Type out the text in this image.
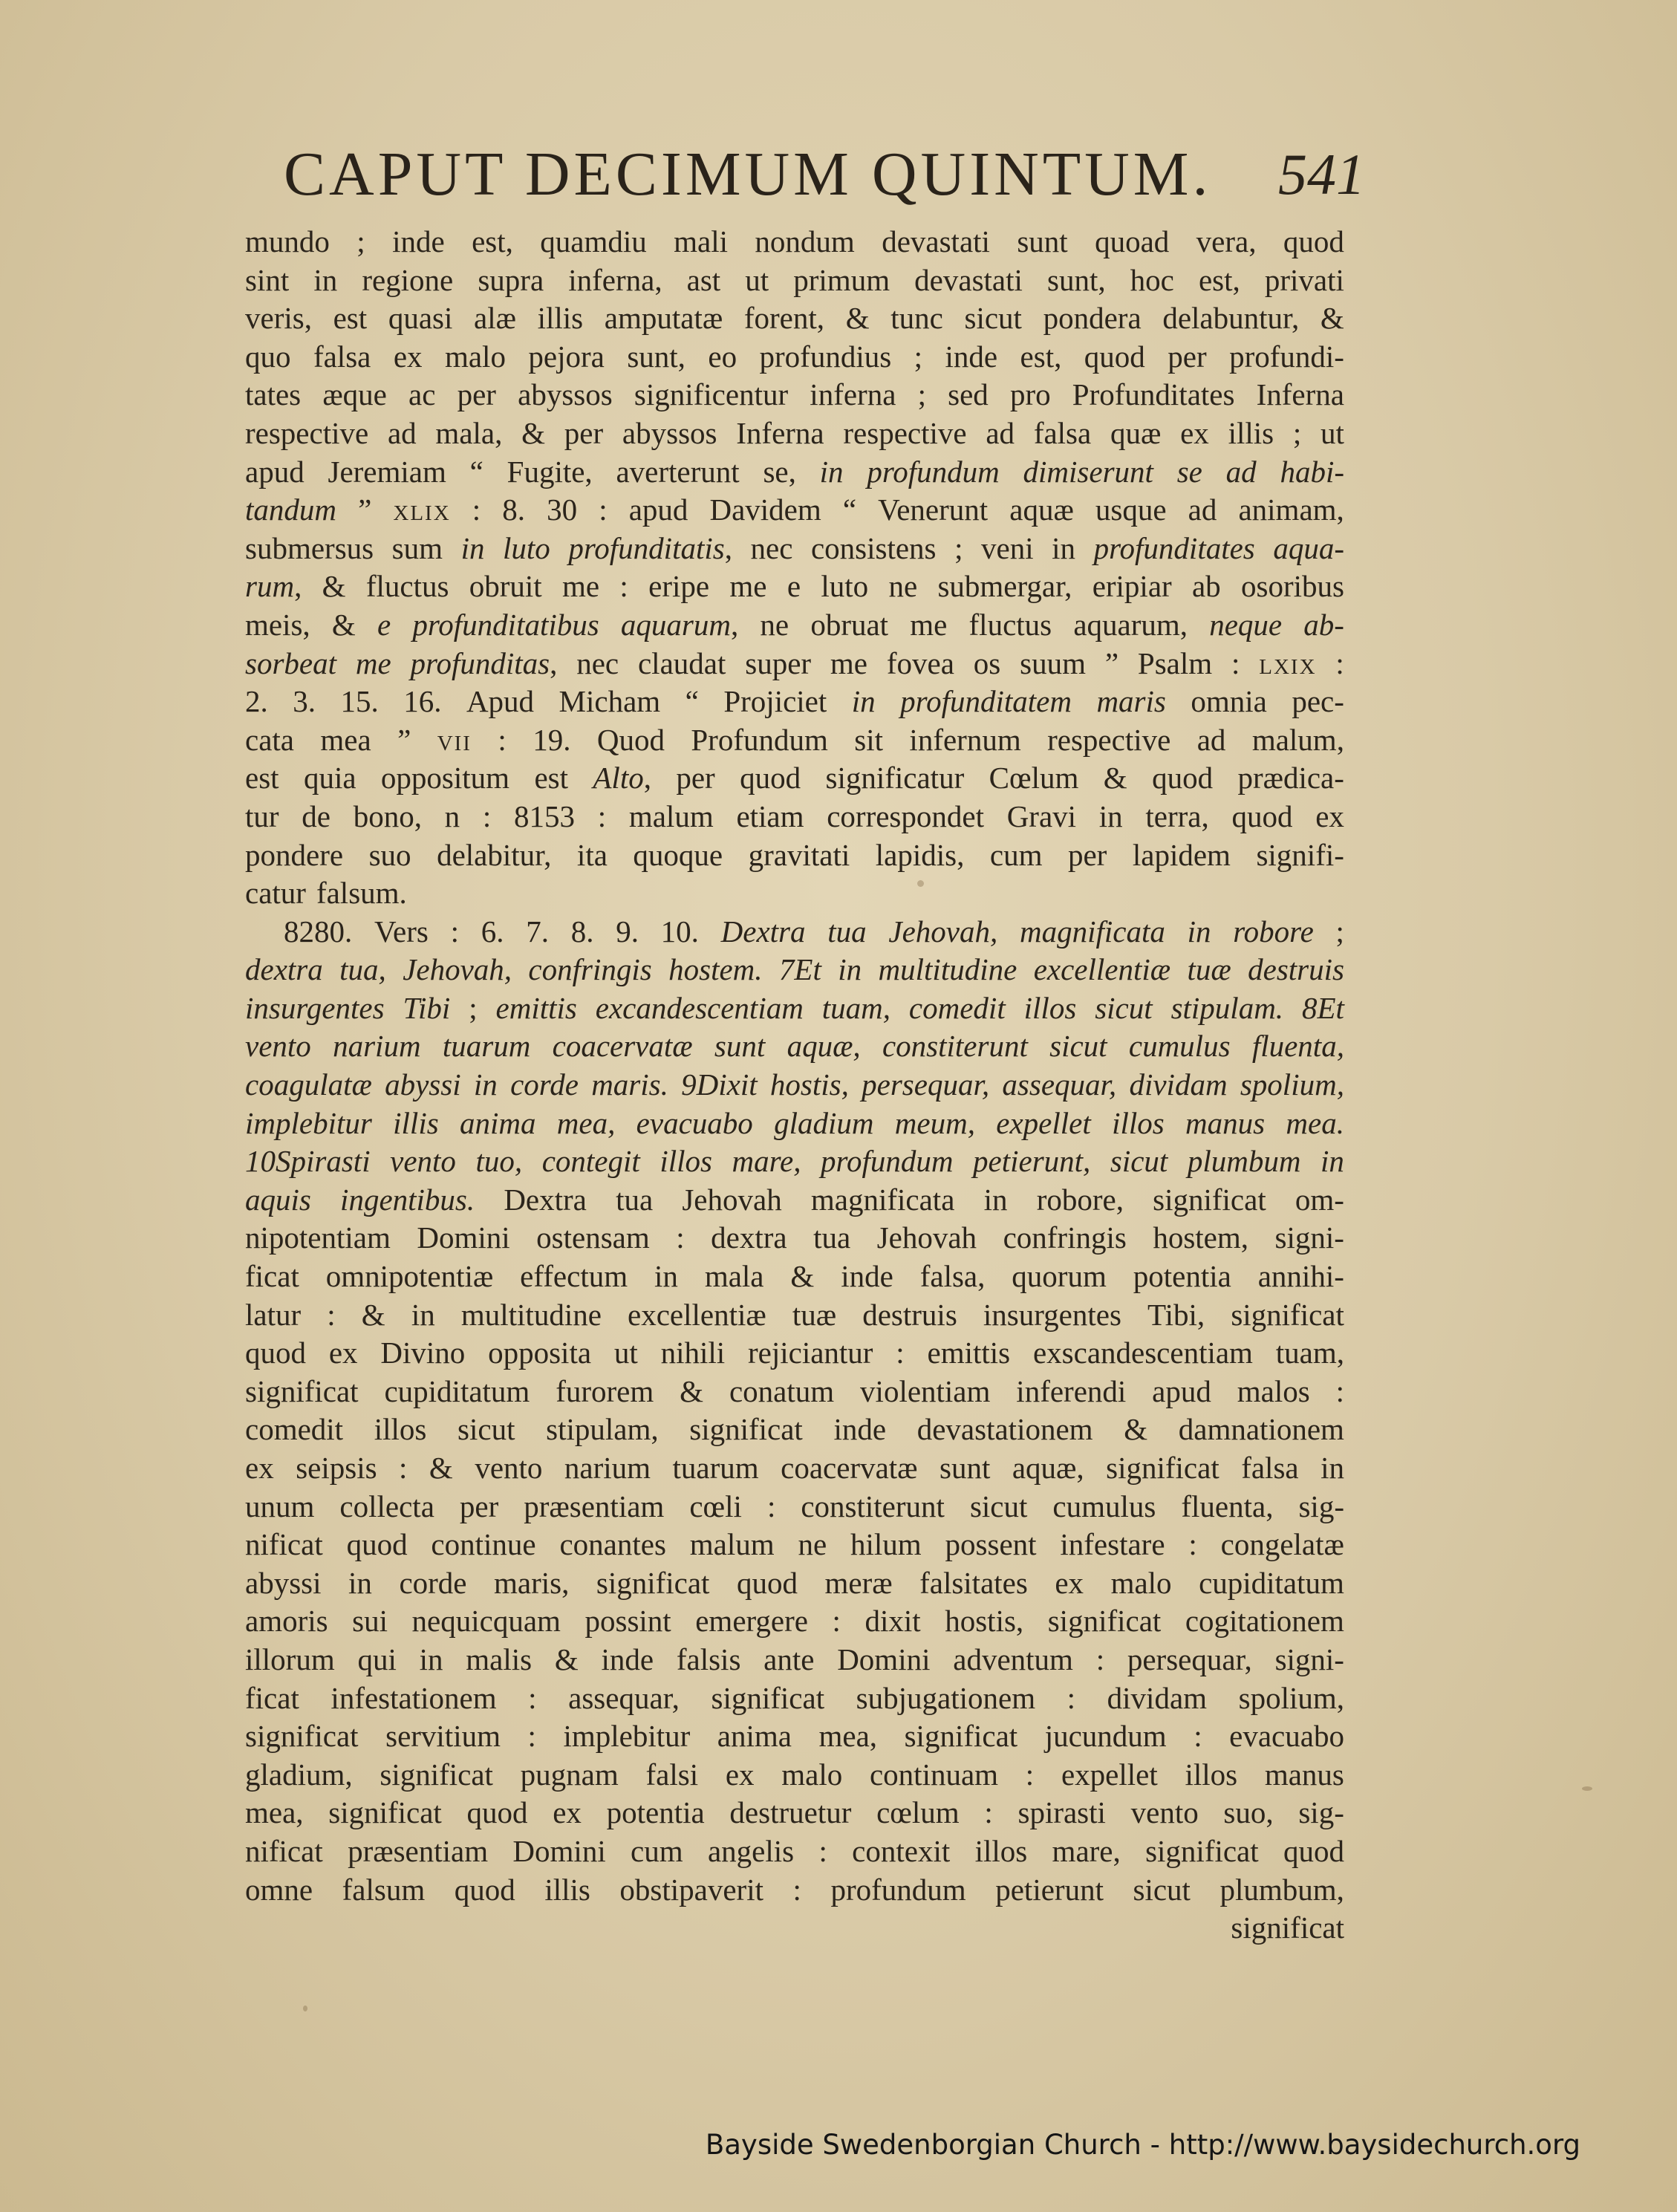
CAPUT DECIMUM QUINTUM. 541
mundo ; inde est, quamdiu mali nondum devastati sunt quoad vera, quod
sint in regione supra inferna, ast ut primum devastati sunt, hoc est, privati
veris, est quasi alæ illis amputatæ forent, & tunc sicut pondera delabuntur, &
quo falsa ex malo pejora sunt, eo profundius ; inde est, quod per profundi-
tates æque ac per abyssos significentur inferna ; sed pro Profunditates Inferna
respective ad mala, & per abyssos Inferna respective ad falsa quæ ex illis ; ut
apud Jeremiam “ Fugite, averterunt se, in profundum dimiserunt se ad habi-
tandum ” xlix : 8. 30 : apud Davidem “ Venerunt aquæ usque ad animam,
submersus sum in luto profunditatis, nec consistens ; veni in profunditates aqua-
rum, & fluctus obruit me : eripe me e luto ne submergar, eripiar ab osoribus
meis, & e profunditatibus aquarum, ne obruat me fluctus aquarum, neque ab-
sorbeat me profunditas, nec claudat super me fovea os suum ” Psalm : lxix :
2. 3. 15. 16. Apud Micham “ Projiciet in profunditatem maris omnia pec-
cata mea ” vii : 19. Quod Profundum sit infernum respective ad malum,
est quia oppositum est Alto, per quod significatur Cœlum & quod prædica-
tur de bono, n : 8153 : malum etiam correspondet Gravi in terra, quod ex
pondere suo delabitur, ita quoque gravitati lapidis, cum per lapidem signifi-
catur falsum.
8280. Vers : 6. 7. 8. 9. 10. Dextra tua Jehovah, magnificata in robore ;
dextra tua, Jehovah, confringis hostem. 7Et in multitudine excellentiæ tuæ destruis
insurgentes Tibi ; emittis excandescentiam tuam, comedit illos sicut stipulam. 8Et
vento narium tuarum coacervatæ sunt aquæ, constiterunt sicut cumulus fluenta,
coagulatæ abyssi in corde maris. 9Dixit hostis, persequar, assequar, dividam spolium,
implebitur illis anima mea, evacuabo gladium meum, expellet illos manus mea.
10Spirasti vento tuo, contegit illos mare, profundum petierunt, sicut plumbum in
aquis ingentibus. Dextra tua Jehovah magnificata in robore, significat om-
nipotentiam Domini ostensam : dextra tua Jehovah confringis hostem, signi-
ficat omnipotentiæ effectum in mala & inde falsa, quorum potentia annihi-
latur : & in multitudine excellentiæ tuæ destruis insurgentes Tibi, significat
quod ex Divino opposita ut nihili rejiciantur : emittis exscandescentiam tuam,
significat cupiditatum furorem & conatum violentiam inferendi apud malos :
comedit illos sicut stipulam, significat inde devastationem & damnationem
ex seipsis : & vento narium tuarum coacervatæ sunt aquæ, significat falsa in
unum collecta per præsentiam cœli : constiterunt sicut cumulus fluenta, sig-
nificat quod continue conantes malum ne hilum possent infestare : congelatæ
abyssi in corde maris, significat quod meræ falsitates ex malo cupiditatum
amoris sui nequicquam possint emergere : dixit hostis, significat cogitationem
illorum qui in malis & inde falsis ante Domini adventum : persequar, signi-
ficat infestationem : assequar, significat subjugationem : dividam spolium,
significat servitium : implebitur anima mea, significat jucundum : evacuabo
gladium, significat pugnam falsi ex malo continuam : expellet illos manus
mea, significat quod ex potentia destruetur cœlum : spirasti vento suo, sig-
nificat præsentiam Domini cum angelis : contexit illos mare, significat quod
omne falsum quod illis obstipaverit : profundum petierunt sicut plumbum,
significat
Bayside Swedenborgian Church - http://www.baysidechurch.org
